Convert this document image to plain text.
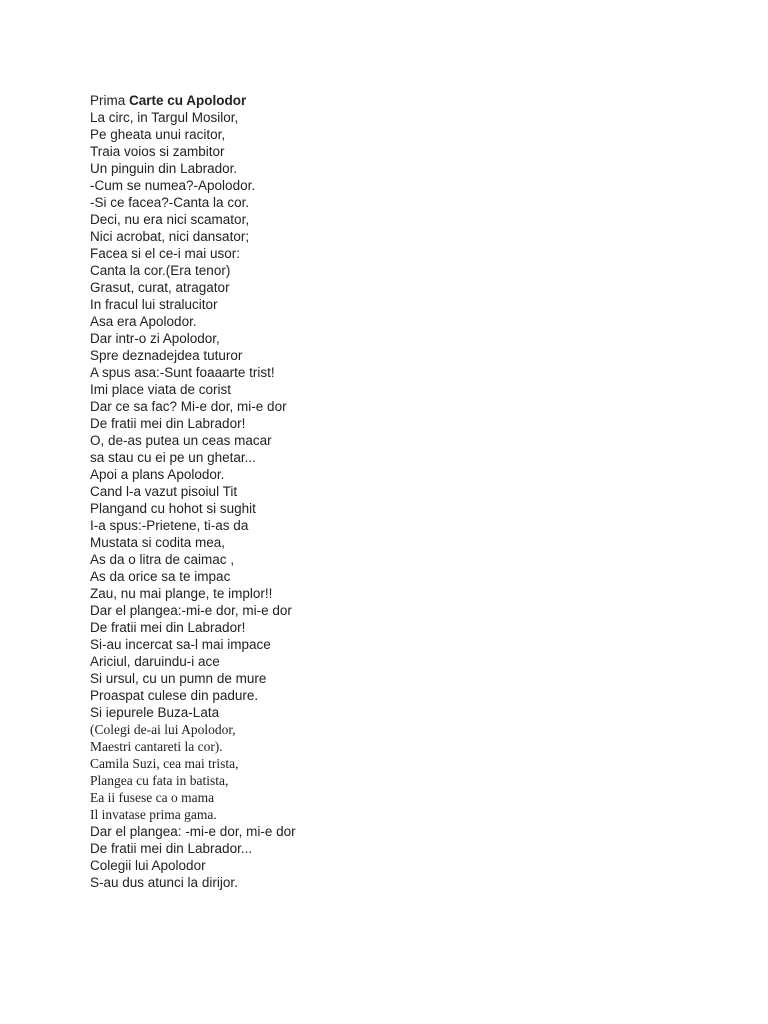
Prima Carte cu Apolodor
La circ, in Targul Mosilor,
Pe gheata unui racitor,
Traia voios si zambitor
Un pinguin din Labrador.
-Cum se numea?-Apolodor.
-Si ce facea?-Canta la cor.
Deci, nu era nici scamator,
Nici acrobat, nici dansator;
Facea si el ce-i mai usor:
Canta la cor.(Era tenor)
Grasut, curat, atragator
In fracul lui stralucitor
Asa era Apolodor.
Dar intr-o zi Apolodor,
Spre deznadejdea tuturor
A spus asa:-Sunt foaaarte trist!
Imi place viata de corist
Dar ce sa fac? Mi-e dor, mi-e dor
De fratii mei din Labrador!
O, de-as putea un ceas macar
sa stau cu ei pe un ghetar...
Apoi a plans Apolodor.
Cand l-a vazut pisoiul Tit
Plangand cu hohot si sughit
I-a spus:-Prietene, ti-as da
Mustata si codita mea,
As da o litra de caimac ,
As da orice sa te impac
Zau, nu mai plange, te implor!!
Dar el plangea:-mi-e dor, mi-e dor
De fratii mei din Labrador!
Si-au incercat sa-l mai impace
Ariciul, daruindu-i ace
Si ursul, cu un pumn de mure
Proaspat culese din padure.
Si iepurele Buza-Lata
(Colegi de-ai lui Apolodor,
Maestri cantareti la cor).
Camila Suzi, cea mai trista,
Plangea cu fata in batista,
Ea ii fusese ca o mama
Il invatase prima gama.
Dar el plangea: -mi-e dor, mi-e dor
De fratii mei din Labrador...
Colegii lui Apolodor
S-au dus atunci la dirijor.
